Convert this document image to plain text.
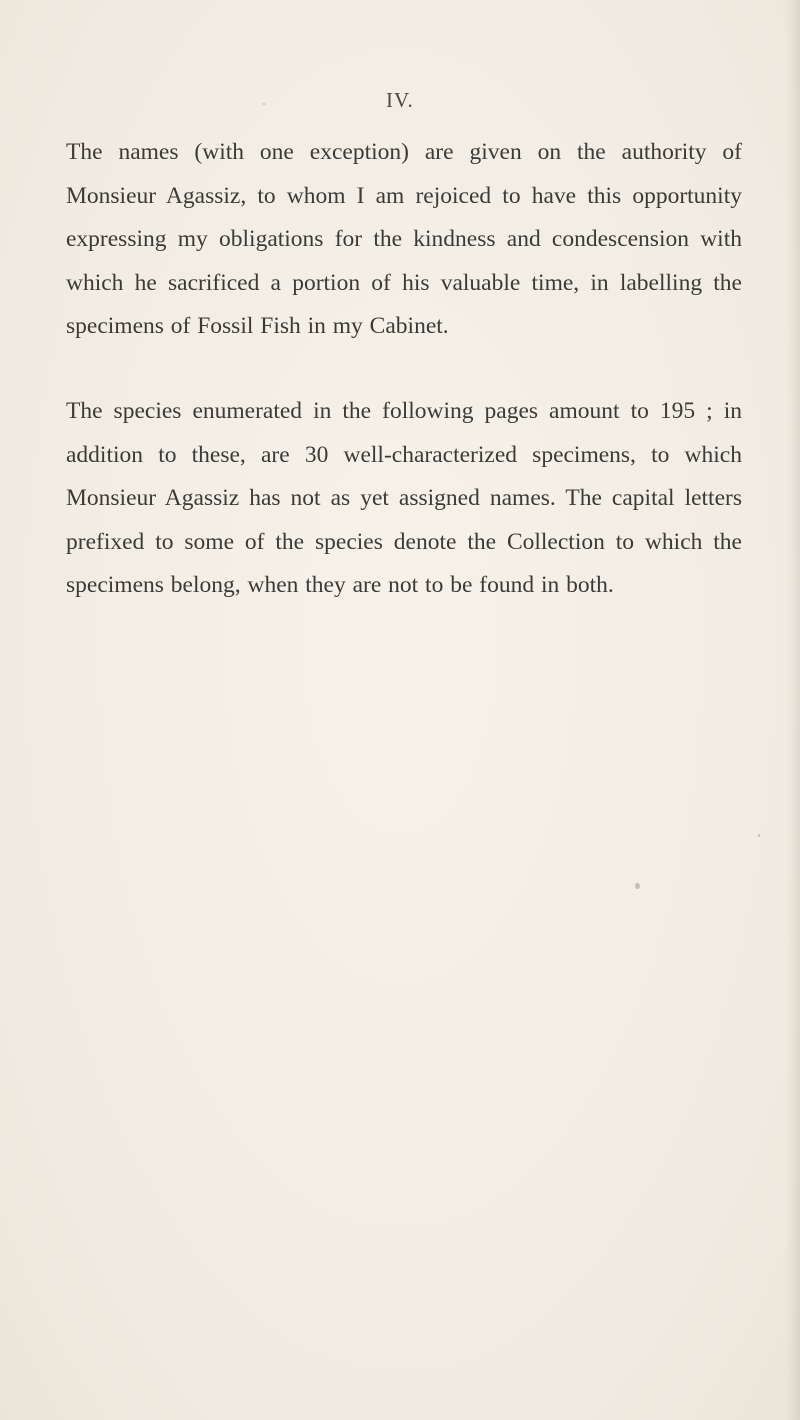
IV.

The names (with one exception) are given on the authority of Monsieur Agassiz, to whom I am rejoiced to have this opportunity expressing my obligations for the kindness and condescension with which he sacrificed a portion of his valuable time, in labelling the specimens of Fossil Fish in my Cabinet.

The species enumerated in the following pages amount to 195 ; in addition to these, are 30 well-characterized specimens, to which Monsieur Agassiz has not as yet assigned names. The capital letters prefixed to some of the species denote the Collection to which the specimens belong, when they are not to be found in both.
